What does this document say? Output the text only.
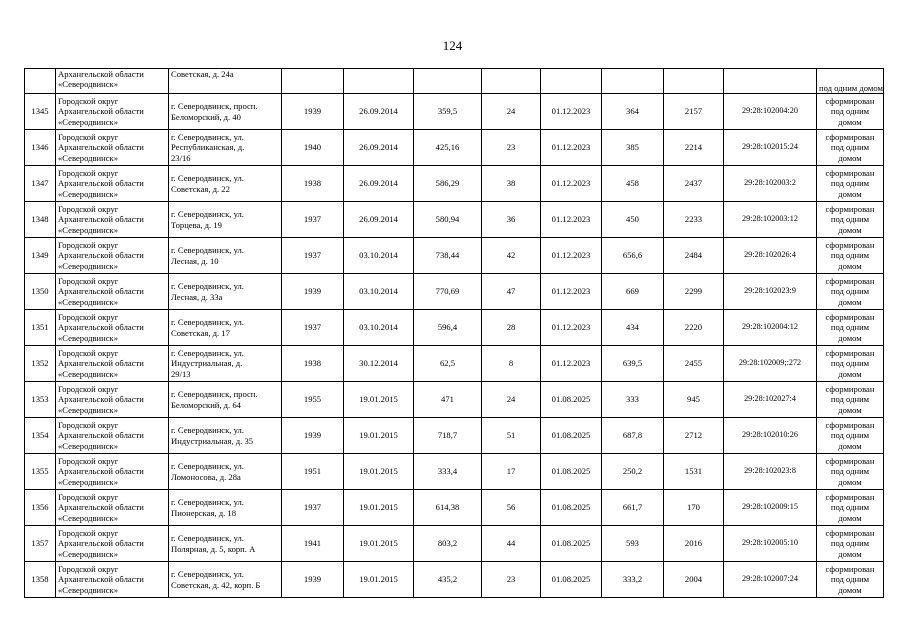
124

	Архангельской области
«Северодвинск»	Советская, д. 24а									под одним домом

1345	Городской округ
Архангельской области
«Северодвинск»	г. Северодвинск, просп.
Беломорский, д. 40	1939	26.09.2014	359,5	24	01.12.2023	364	2157	29:28:102004:20	сформирован
под одним
домом

1346	Городской округ
Архангельской области
«Северодвинск»	г. Северодвинск, ул.
Республиканская, д.
23/16	1940	26.09.2014	425,16	23	01.12.2023	385	2214	29:28:102015:24	сформирован
под одним
домом

1347	Городской округ
Архангельской области
«Северодвинск»	г. Северодвинск, ул.
Советская, д. 22	1938	26.09.2014	586,29	38	01.12.2023	458	2437	29:28:102003:2	сформирован
под одним
домом

1348	Городской округ
Архангельской области
«Северодвинск»	г. Северодвинск, ул.
Торцева, д. 19	1937	26.09.2014	580,94	36	01.12.2023	450	2233	29:28:102003:12	сформирован
под одним
домом

1349	Городской округ
Архангельской области
«Северодвинск»	г. Северодвинск, ул.
Лесная, д. 10	1937	03.10.2014	738,44	42	01.12.2023	656,6	2484	29:28:102026:4	сформирован
под одним
домом

1350	Городской округ
Архангельской области
«Северодвинск»	г. Северодвинск, ул.
Лесная, д. 33а	1939	03.10.2014	770,69	47	01.12.2023	669	2299	29:28:102023:9	сформирован
под одним
домом

1351	Городской округ
Архангельской области
«Северодвинск»	г. Северодвинск, ул.
Советская, д. 17	1937	03.10.2014	596,4	28	01.12.2023	434	2220	29:28:102004:12	сформирован
под одним
домом

1352	Городской округ
Архангельской области
«Северодвинск»	г. Северодвинск, ул.
Индустриальная, д.
29/13	1938	30.12.2014	62,5	8	01.12.2023	639,5	2455	29:28:102009;:272	сформирован
под одним
домом

1353	Городской округ
Архангельской области
«Северодвинск»	г. Северодвинск, просп.
Беломорский, д. 64	1955	19.01.2015	471	24	01.08.2025	333	945	29:28:102027:4	сформирован
под одним
домом

1354	Городской округ
Архангельской области
«Северодвинск»	г. Северодвинск, ул.
Индустриальная, д. 35	1939	19.01.2015	718,7	51	01.08.2025	687,8	2712	29:28:102010:26	сформирован
под одним
домом

1355	Городской округ
Архангельской области
«Северодвинск»	г. Северодвинск, ул.
Ломоносова, д. 28а	1951	19.01.2015	333,4	17	01.08.2025	250,2	1531	29:28:102023:8	сформирован
под одним
домом

1356	Городской округ
Архангельской области
«Северодвинск»	г. Северодвинск, ул.
Пионерская, д. 18	1937	19.01.2015	614,38	56	01.08.2025	661,7	170	29:28:102009:15	сформирован
под одним
домом

1357	Городской округ
Архангельской области
«Северодвинск»	г. Северодвинск, ул.
Полярная, д. 5, корп. А	1941	19.01.2015	803,2	44	01.08.2025	593	2016	29:28:102005:10	сформирован
под одним
домом

1358	Городской округ
Архангельской области
«Северодвинск»	г. Северодвинск, ул.
Советская, д. 42, корп. Б	1939	19.01.2015	435,2	23	01.08.2025	333,2	2004	29:28:102007:24	сформирован
под одним
домом
